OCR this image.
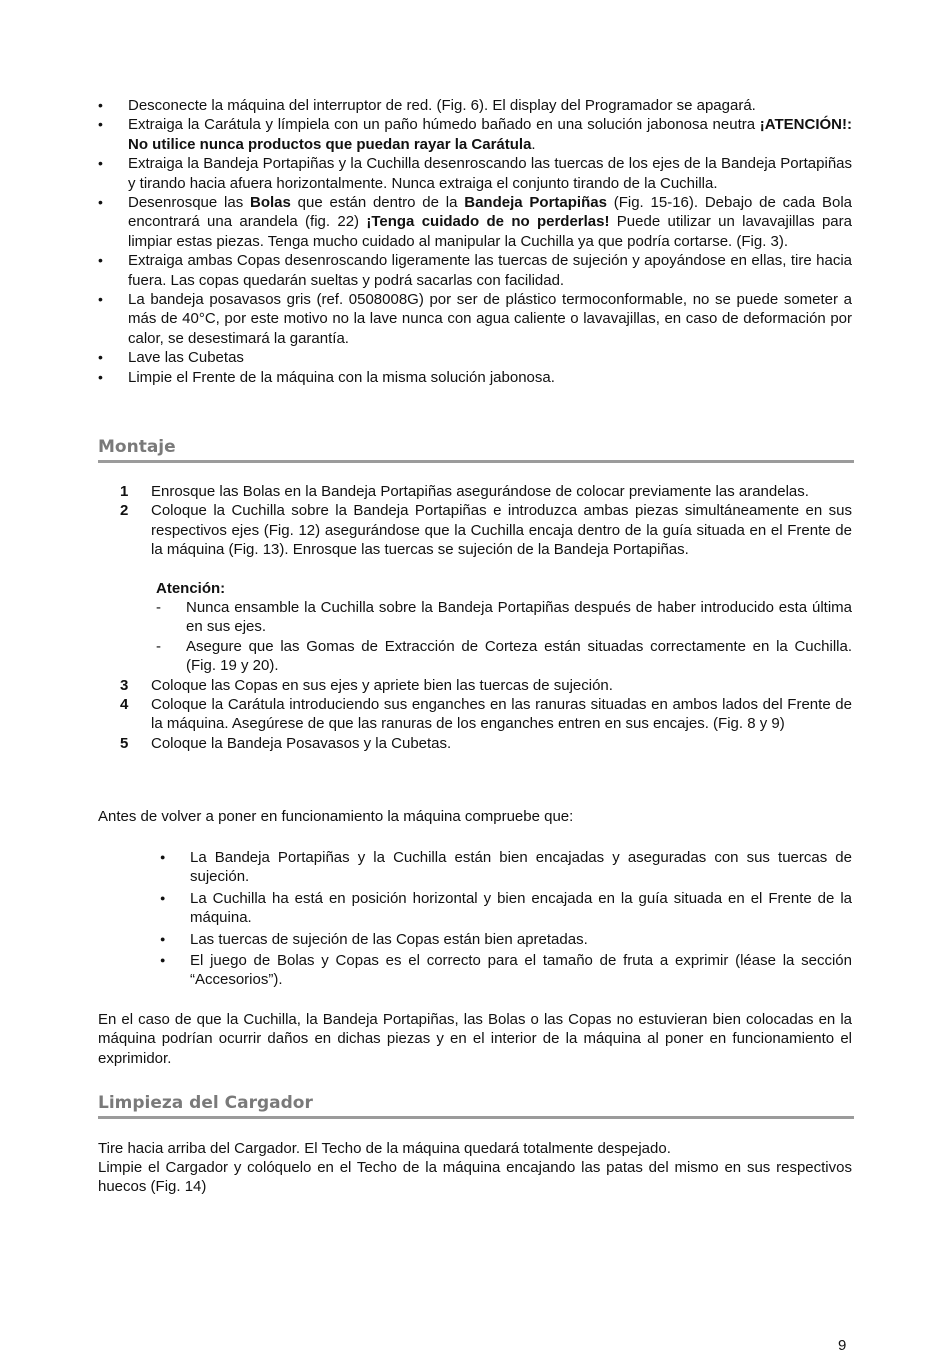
• Desconecte la máquina del interruptor de red. (Fig. 6). El display del Programador se apagará.
• Extraiga la Carátula y límpiela con un paño húmedo bañado en una solución jabonosa neutra ¡ATENCIÓN!: No utilice nunca productos que puedan rayar la Carátula.
• Extraiga la Bandeja Portapiñas y la Cuchilla desenroscando las tuercas de los ejes de la Bandeja Portapiñas y tirando hacia afuera horizontalmente. Nunca extraiga el conjunto tirando de la Cuchilla.
• Desenrosque las Bolas que están dentro de la Bandeja Portapiñas (Fig. 15-16). Debajo de cada Bola encontrará una arandela (fig. 22) ¡Tenga cuidado de no perderlas! Puede utilizar un lavavajillas para limpiar estas piezas. Tenga mucho cuidado al manipular la Cuchilla ya que podría cortarse. (Fig. 3).
• Extraiga ambas Copas desenroscando ligeramente las tuercas de sujeción y apoyándose en ellas, tire hacia fuera. Las copas quedarán sueltas y podrá sacarlas con facilidad.
• La bandeja posavasos gris (ref. 0508008G) por ser de plástico termoconformable, no se puede someter a más de 40°C, por este motivo no la lave nunca con agua caliente o lavavajillas, en caso de deformación por calor, se desestimará la garantía.
• Lave las Cubetas
• Limpie el Frente de la máquina con la misma solución jabonosa.
Montaje
1 Enrosque las Bolas en la Bandeja Portapiñas asegurándose de colocar previamente las arandelas.
2 Coloque la Cuchilla sobre la Bandeja Portapiñas e introduzca ambas piezas simultáneamente en sus respectivos ejes (Fig. 12) asegurándose que la Cuchilla encaja dentro de la guía situada en el Frente de la máquina (Fig. 13). Enrosque las tuercas se sujeción de la Bandeja Portapiñas.
Atención:
- Nunca ensamble la Cuchilla sobre la Bandeja Portapiñas después de haber introducido esta última en sus ejes.
- Asegure que las Gomas de Extracción de Corteza están situadas correctamente en la Cuchilla. (Fig. 19 y 20).
3 Coloque las Copas en sus ejes y apriete bien las tuercas de sujeción.
4 Coloque la Carátula introduciendo sus enganches en las ranuras situadas en ambos lados del Frente de la máquina. Asegúrese de que las ranuras de los enganches entren en sus encajes. (Fig. 8 y 9)
5 Coloque la Bandeja Posavasos y la Cubetas.

Antes de volver a poner en funcionamiento la máquina compruebe que:

● La Bandeja Portapiñas y la Cuchilla están bien encajadas y aseguradas con sus tuercas de sujeción.
● La Cuchilla ha está en posición horizontal y bien encajada en la guía situada en el Frente de la máquina.
● Las tuercas de sujeción de las Copas están bien apretadas.
● El juego de Bolas y Copas es el correcto para el tamaño de fruta a exprimir (léase la sección “Accesorios”).

En el caso de que la Cuchilla, la Bandeja Portapiñas, las Bolas o las Copas no estuvieran bien colocadas en la máquina podrían ocurrir daños en dichas piezas y en el interior de la máquina al poner en funcionamiento el exprimidor.

Limpieza del Cargador

Tire hacia arriba del Cargador. El Techo de la máquina quedará totalmente despejado.

Limpie el Cargador y colóquelo en el Techo de la máquina encajando las patas del mismo en sus respectivos huecos (Fig. 14)

9
